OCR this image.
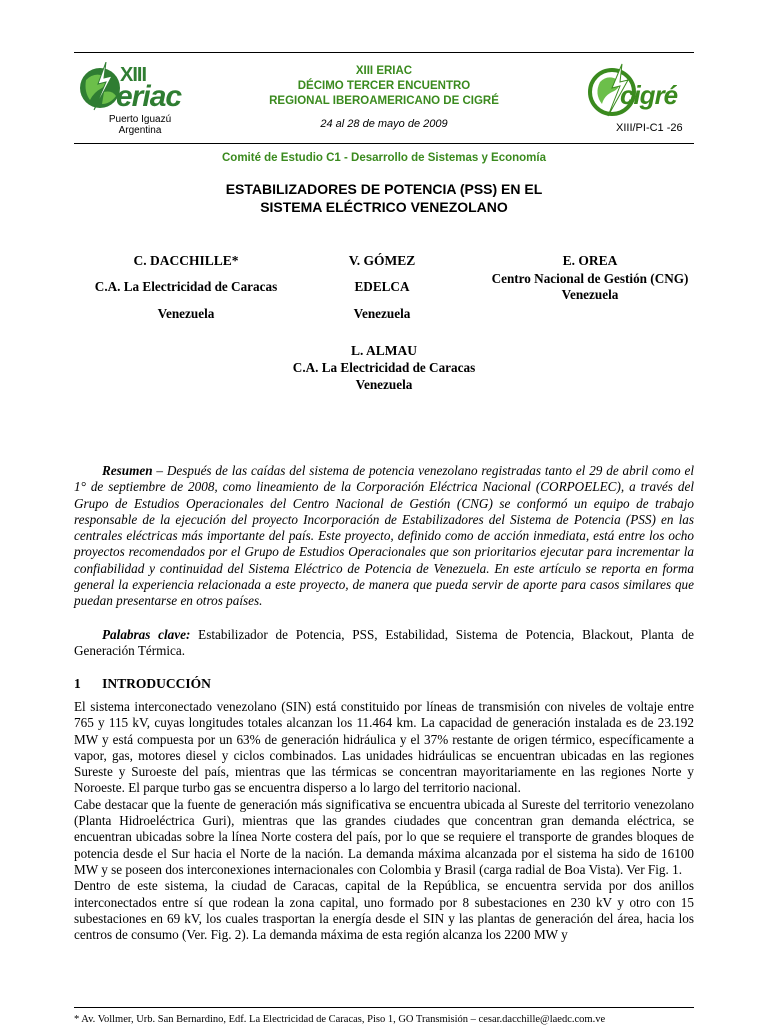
XIII
eriac
Puerto Iguazú
Argentina
XIII ERIAC
DÉCIMO TERCER ENCUENTRO
REGIONAL IBEROAMERICANO DE CIGRÉ
24 al 28 de mayo de 2009
cigré
XIII/PI-C1 -26
Comité de Estudio C1 - Desarrollo de Sistemas y Economía
ESTABILIZADORES DE POTENCIA (PSS) EN EL
SISTEMA ELÉCTRICO VENEZOLANO
C. DACCHILLE*
C.A. La Electricidad de Caracas
Venezuela
V. GÓMEZ
EDELCA
Venezuela
E. OREA
Centro Nacional de Gestión (CNG)
Venezuela
L. ALMAU
C.A. La Electricidad de Caracas
Venezuela
Resumen – Después de las caídas del sistema de potencia venezolano registradas tanto el 29 de abril como el 1° de septiembre de 2008, como lineamiento de la Corporación Eléctrica Nacional (CORPOELEC), a través del Grupo de Estudios Operacionales del Centro Nacional de Gestión (CNG) se conformó un equipo de trabajo responsable de la ejecución del proyecto Incorporación de Estabilizadores del Sistema de Potencia (PSS) en las centrales eléctricas más importante del país. Este proyecto, definido como de acción inmediata, está entre los ocho proyectos recomendados por el Grupo de Estudios Operacionales que son prioritarios ejecutar para incrementar la confiabilidad y continuidad del Sistema Eléctrico de Potencia de Venezuela. En este artículo se reporta en forma general la experiencia relacionada a este proyecto, de manera que pueda servir de aporte para casos similares que puedan presentarse en otros países.
Palabras clave: Estabilizador de Potencia, PSS, Estabilidad, Sistema de Potencia, Blackout, Planta de Generación Térmica.
1 INTRODUCCIÓN
El sistema interconectado venezolano (SIN) está constituido por líneas de transmisión con niveles de voltaje entre 765 y 115 kV, cuyas longitudes totales alcanzan los 11.464 km. La capacidad de generación instalada es de 23.192 MW y está compuesta por un 63% de generación hidráulica y el 37% restante de origen térmico, específicamente a vapor, gas, motores diesel y ciclos combinados. Las unidades hidráulicas se encuentran ubicadas en las regiones Sureste y Suroeste del país, mientras que las térmicas se concentran mayoritariamente en las regiones Norte y Noroeste. El parque turbo gas se encuentra disperso a lo largo del territorio nacional.
Cabe destacar que la fuente de generación más significativa se encuentra ubicada al Sureste del territorio venezolano (Planta Hidroeléctrica Guri), mientras que las grandes ciudades que concentran gran demanda eléctrica, se encuentran ubicadas sobre la línea Norte costera del país, por lo que se requiere el transporte de grandes bloques de potencia desde el Sur hacia el Norte de la nación. La demanda máxima alcanzada por el sistema ha sido de 16100 MW y se poseen dos interconexiones internacionales con Colombia y Brasil (carga radial de Boa Vista). Ver Fig. 1.
Dentro de este sistema, la ciudad de Caracas, capital de la República, se encuentra servida por dos anillos interconectados entre sí que rodean la zona capital, uno formado por 8 subestaciones en 230 kV y otro con 15 subestaciones en 69 kV, los cuales trasportan la energía desde el SIN y las plantas de generación del área, hacia los centros de consumo (Ver. Fig. 2). La demanda máxima de esta región alcanza los 2200 MW y
* Av. Vollmer, Urb. San Bernardino, Edf. La Electricidad de Caracas, Piso 1, GO Transmisión – cesar.dacchille@laedc.com.ve
